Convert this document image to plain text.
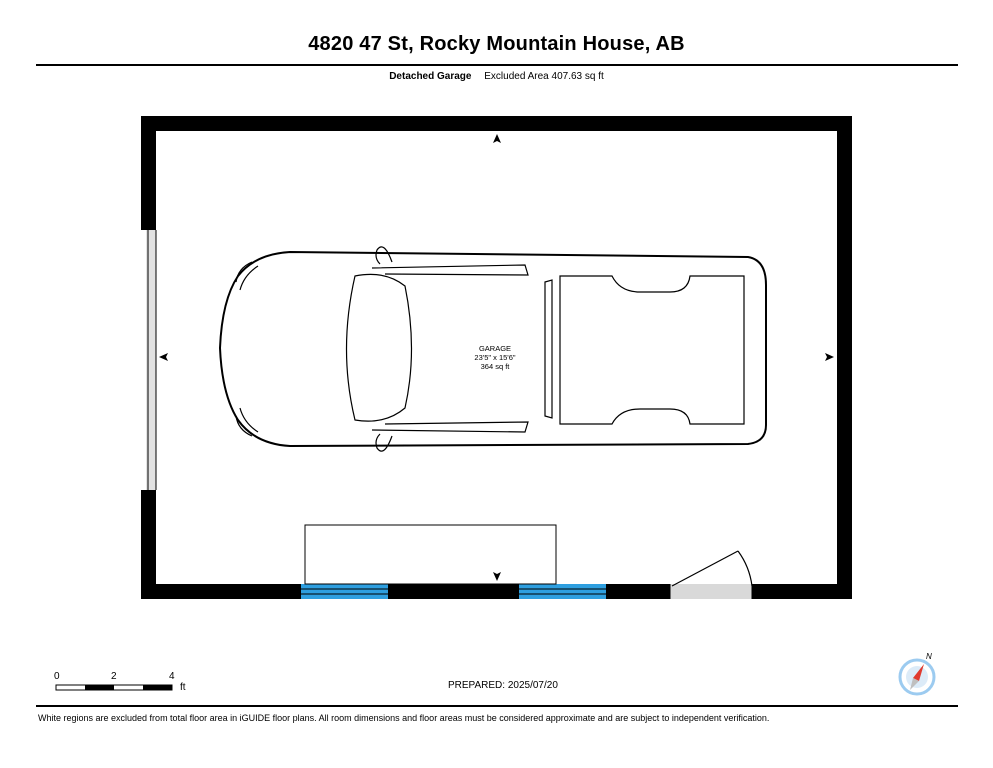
4820 47 St, Rocky Mountain House, AB
Detached Garage Excluded Area 407.63 sq ft
GARAGE
23'5" x 15'6"
364 sq ft
0	2	4
ft
N
PREPARED: 2025/07/20
White regions are excluded from total floor area in iGUIDE floor plans. All room dimensions and floor areas must be considered approximate and are subject to independent verification.
